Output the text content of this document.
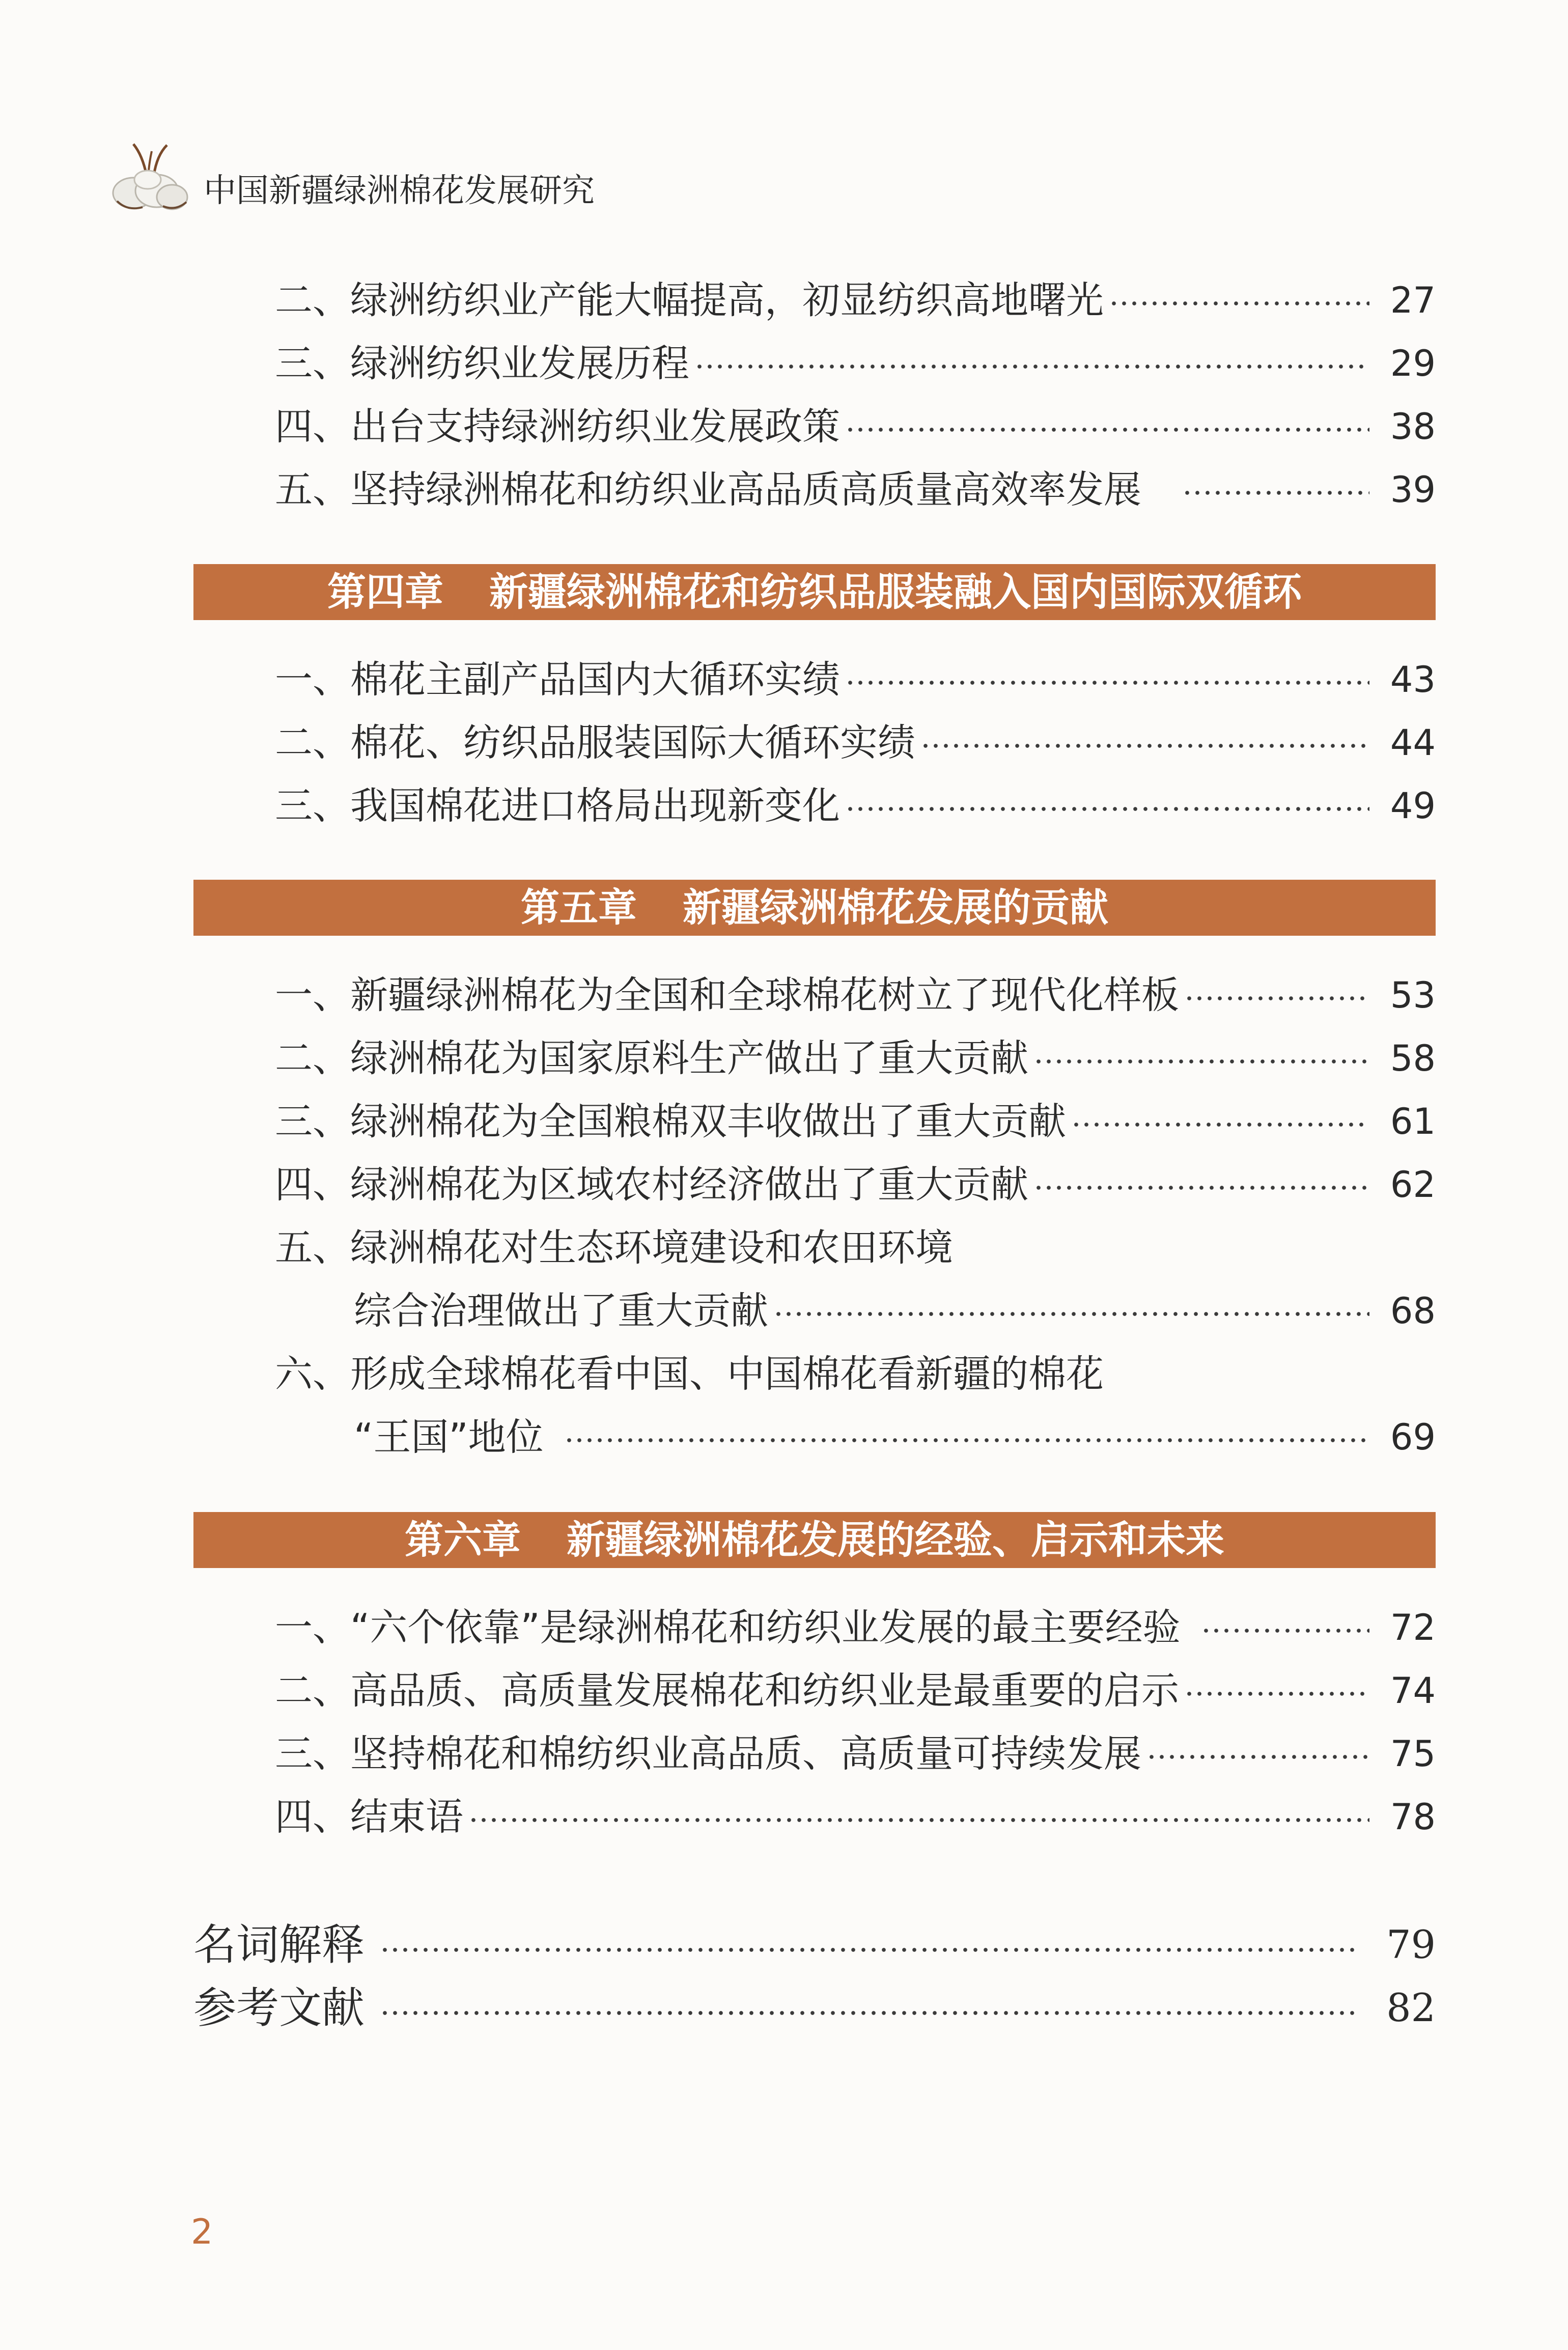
中国新疆绿洲棉花发展研究
二、 绿洲纺织业产能大幅提高，初显纺织高地曙光	27
三、 绿洲纺织业发展历程	29
四、 出台支持绿洲纺织业发展政策	38
五、 坚持绿洲棉花和纺织业高品质高质量高效率发展	39
第四章 新疆绿洲棉花和纺织品服装融入国内国际双循环
一、 棉花主副产品国内大循环实绩	43
二、 棉花、纺织品服装国际大循环实绩	44
三、 我国棉花进口格局出现新变化	49
第五章 新疆绿洲棉花发展的贡献
一、 新疆绿洲棉花为全国和全球棉花树立了现代化样板	53
二、 绿洲棉花为国家原料生产做出了重大贡献	58
三、 绿洲棉花为全国粮棉双丰收做出了重大贡献	61
四、 绿洲棉花为区域农村经济做出了重大贡献	62
五、 绿洲棉花对生态环境建设和农田环境
综合治理做出了重大贡献	68
六、 形成全球棉花看中国、中国棉花看新疆的棉花
“王国”地位	69
第六章 新疆绿洲棉花发展的经验、启示和未来
一、 “六个依靠”是绿洲棉花和纺织业发展的最主要经验	72
二、 高品质、高质量发展棉花和纺织业是最重要的启示	74
三、 坚持棉花和棉纺织业高品质、高质量可持续发展	75
四、 结束语	78
名词解释	79
参考文献	82
2
